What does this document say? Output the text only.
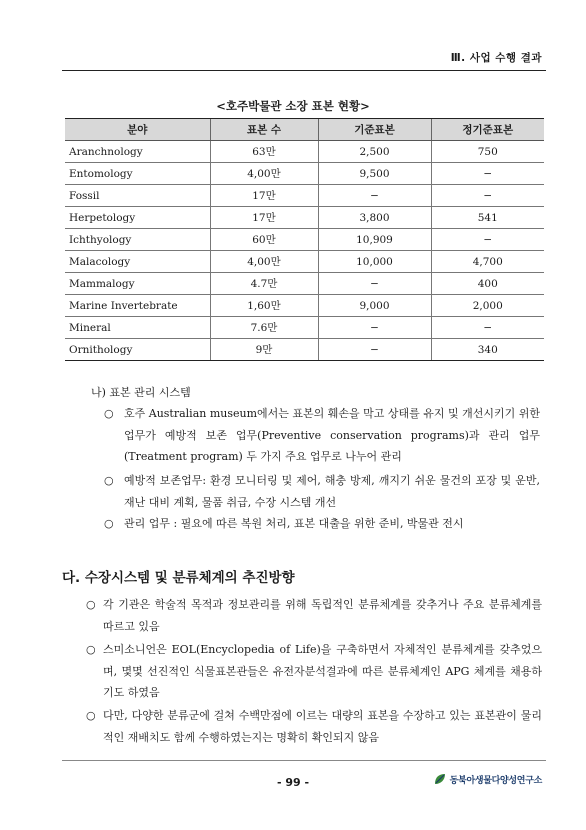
Ⅲ. 사업 수행 결과
<호주박물관 소장 표본 현황>
분야	표본 수	기준표본	정기준표본
Aranchnology	63만	2,500	750
Entomology	4,00만	9,500	−
Fossil	17만	−	−
Herpetology	17만	3,800	541
Ichthyology	60만	10,909	−
Malacology	4,00만	10,000	4,700
Mammalogy	4.7만	−	400
Marine Invertebrate	1,60만	9,000	2,000
Mineral	7.6만	−	−
Ornithology	9만	−	340
나) 표본 관리 시스템
○ 호주 Australian museum에서는 표본의 훼손을 막고 상태를 유지 및 개선시키기 위한 업무가 예방적 보존 업무(Preventive conservation programs)과 관리 업무(Treatment program) 두 가지 주요 업무로 나누어 관리
○ 예방적 보존업무: 환경 모니터링 및 제어, 해충 방제, 깨지기 쉬운 물건의 포장 및 운반, 재난 대비 계획, 물품 취급, 수장 시스템 개선
○ 관리 업무 : 필요에 따른 복원 처리, 표본 대출을 위한 준비, 박물관 전시
다. 수장시스템 및 분류체계의 추진방향
○ 각 기관은 학술적 목적과 정보관리를 위해 독립적인 분류체계를 갖추거나 주요 분류체계를 따르고 있음
○ 스미소니언은 EOL(Encyclopedia of Life)을 구축하면서 자체적인 분류체계를 갖추었으며, 몇몇 선진적인 식물표본관들은 유전자분석결과에 따른 분류체계인 APG 체계를 채용하기도 하였음
○ 다만, 다양한 분류군에 걸쳐 수백만점에 이르는 대량의 표본을 수장하고 있는 표본관이 물리적인 재배치도 함께 수행하였는지는 명확히 확인되지 않음
- 99 -	동북아생물다양성연구소
